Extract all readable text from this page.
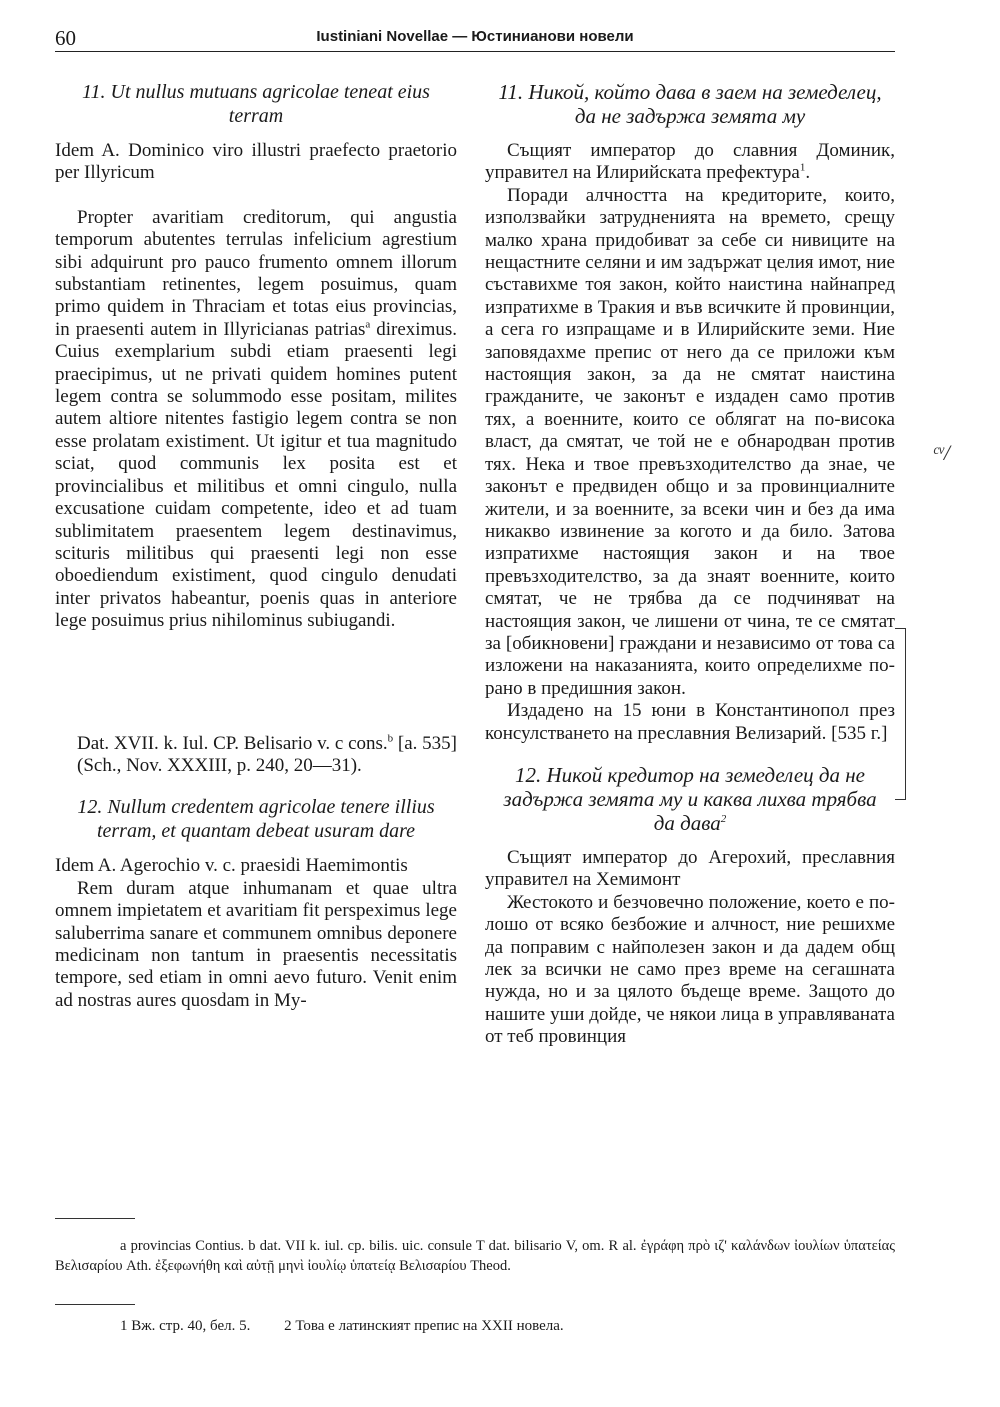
60	Iustiniani Novellae — Юстинианови новели
11. Ut nullus mutuans agricolae teneat eius terram
Idem A. Dominico viro illustri praefecto praetorio per Illyricum
Propter avaritiam creditorum, qui angustia temporum abutentes terrulas infelicium agrestium sibi adquirunt pro pauco frumento omnem illorum substantiam retinentes, legem posuimus, quam primo quidem in Thraciam et totas eius provincias, in praesenti autem in Illyricianas patrias$^a$ direximus. Cuius exemplarium subdi etiam praesenti legi praecipimus, ut ne privati quidem homines putent legem contra se solummodo esse positam, milites autem altiore nitentes fastigio legem contra se non esse prolatam existiment. Ut igitur et tua magnitudo sciat, quod communis lex posita est et provincialibus et militibus et omni cingulo, nulla excusatione cuidam competente, ideo et ad tuam sublimitatem praesentem legem destinavimus, scituris militibus qui praesenti legi non esse oboediendum existiment, quod cingulo denudati inter privatos habeantur, poenis quas in anteriore lege posuimus prius nihilominus subiugandi.
Dat. XVII. k. Iul. CP. Belisario v. c cons.$^b$ [a. 535]
(Sch., Nov. XXXIII, p. 240, 20—31).
12. Nullum credentem agricolae tenere illius terram, et quantam debeat usuram dare
Idem A. Agerochio v. c. praesidi Haemimontis
Rem duram atque inhumanam et quae ultra omnem impietatem et avaritiam fit perspeximus lege saluberrima sanare et communem omnibus deponere medicinam non tantum in praesentis necessitatis tempore, sed etiam in omni aevo futuro. Venit enim ad nostras aures quosdam in My-
11. Никой, който дава в заем на земеделец, да не задържа земята му
Същият император до славния Доминик, управител на Илирийската префектура$^1$.
Поради алчността на кредиторите, които, използвайки затрудненията на времето, срещу малко храна придобиват за себе си нивиците на нещастните селяни и им задържат целия имот, ние съставихме тоя закон, който наистина найнапред изпратихме в Тракия и във всичките й провинции, а сега го изпращаме и в Илирийските земи. Ние заповядахме препис от него да се приложи към настоящия закон, за да не смятат наистина гражданите, че законът е издаден само против тях, а военните, които се облягат на по-висока власт, да смятат, че той не е обнародван против тях. Нека и твое превъзходителство да знае, че законът е предвиден общо и за провинциалните жители, и за военните, за всеки чин и без да има никакво извинение за когото и да било. Затова изпратихме настоящия закон и на твое превъзходителство, за да знаят военните, които смятат, че не трябва да се подчиняват на настоящия закон, че лишени от чина, те се смятат за [обикновени] граждани и независимо от това са изложени на наказанията, които определихме по-рано в предишния закон.
Издадено на 15 юни в Константинопол през консулстването на преславния Велизарий. [535 г.]
12. Никой кредитор на земеделец да не задържа земята му и каква лихва трябва да дава$^2$
Същият император до Агерохий, преславния управител на Хемимонт
Жестокото и безчовечно положение, което е по-лошо от всяко безбожие и алчност, ние решихме да поправим с найполезен закон и да дадем общ лек за всички не само през време на сегашната нужда, но и за цялото бъдеще време. Защото до нашите уши дойде, че някои лица в управляваната от теб провинция
ᶜᵛ/
a provincias Contius. b dat. VII k. iul. cp. bilis. uic. consule T dat. bilisario V, om. R al. ἐγράφη πρὸ ιζ' καλάνδων ἰουλίων ὑπατείας Βελισαρίου Ath. ἐξεφωνήθη καὶ αὐτῇ μηνὶ ἰουλίῳ ὑπατείᾳ Βελισαρίου Theod.
1 Вж. стр. 40, бел. 5. 2 Това е латинският препис на XXII новела.
